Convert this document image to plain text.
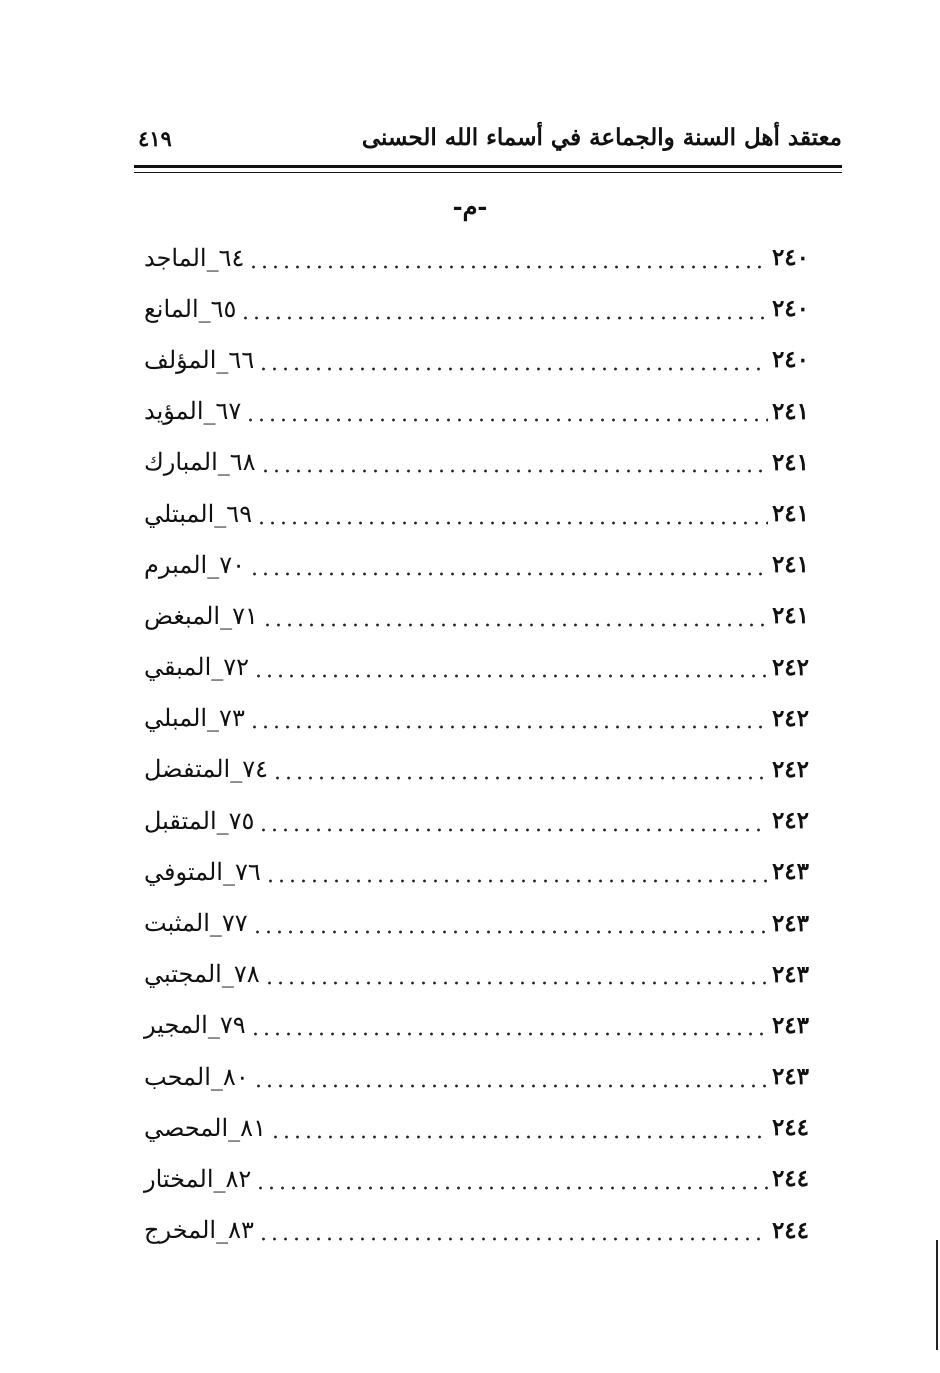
معتقد أهل السنة والجماعة في أسماء الله الحسنى
٤١٩
-م-
٦٤_الماجد	٢٤٠
٦٥_المانع	٢٤٠
٦٦_المؤلف	٢٤٠
٦٧_المؤيد	٢٤١
٦٨_المبارك	٢٤١
٦٩_المبتلي	٢٤١
٧٠_المبرم	٢٤١
٧١_المبغض	٢٤١
٧٢_المبقي	٢٤٢
٧٣_المبلي	٢٤٢
٧٤_المتفضل	٢٤٢
٧٥_المتقبل	٢٤٢
٧٦_المتوفي	٢٤٣
٧٧_المثبت	٢٤٣
٧٨_المجتبي	٢٤٣
٧٩_المجير	٢٤٣
٨٠_المحب	٢٤٣
٨١_المحصي	٢٤٤
٨٢_المختار	٢٤٤
٨٣_المخرج	٢٤٤
